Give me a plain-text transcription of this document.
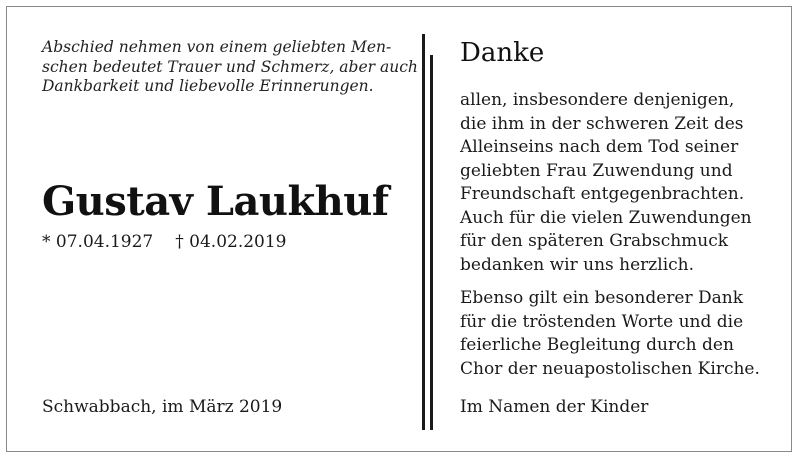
Abschied nehmen von einem geliebten Men-
schen bedeutet Trauer und Schmerz, aber auch
Dankbarkeit und liebevolle Erinnerungen.
Gustav Laukhuf
* 07.04.1927 † 04.02.2019
Schwabbach, im März 2019
Danke
allen, insbesondere denjenigen,
die ihm in der schweren Zeit des
Alleinseins nach dem Tod seiner
geliebten Frau Zuwendung und
Freundschaft entgegenbrachten.
Auch für die vielen Zuwendungen
für den späteren Grabschmuck
bedanken wir uns herzlich.
Ebenso gilt ein besonderer Dank
für die tröstenden Worte und die
feierliche Begleitung durch den
Chor der neuapostolischen Kirche.
Im Namen der Kinder
